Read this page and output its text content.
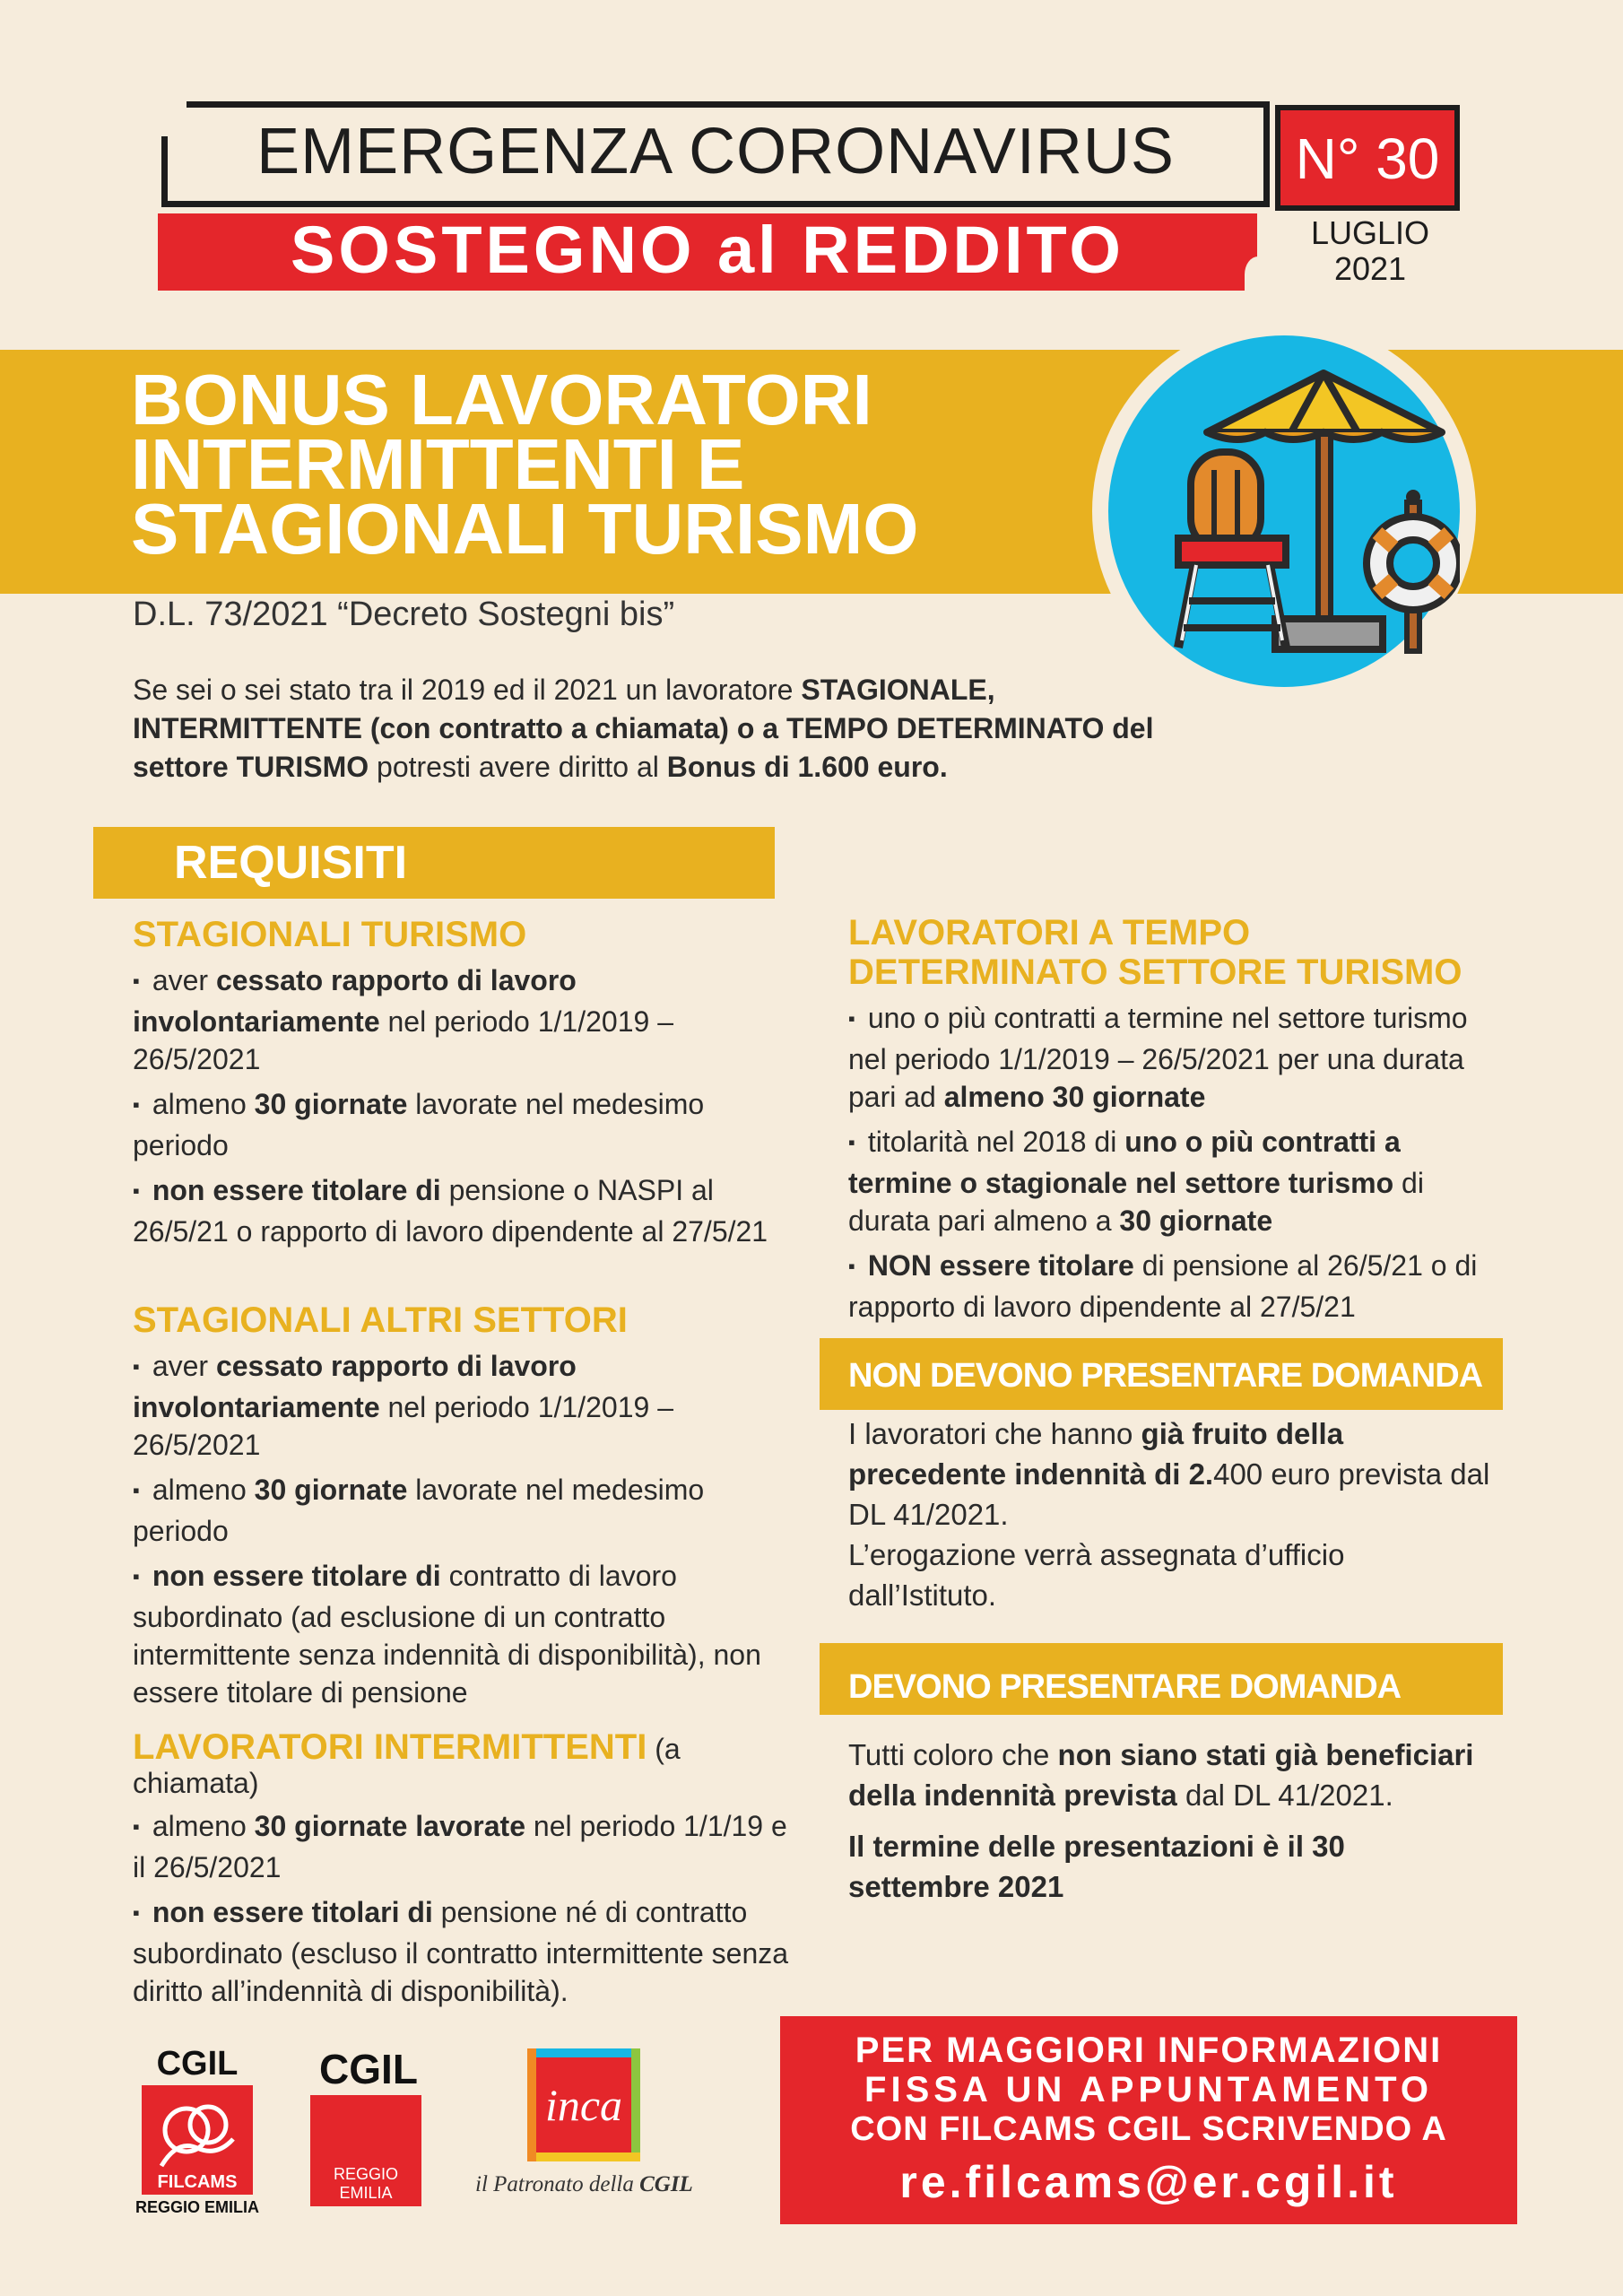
EMERGENZA CORONAVIRUS
SOSTEGNO al REDDITO
N° 30
LUGLIO
2021
BONUS LAVORATORI
INTERMITTENTI E
STAGIONALI TURISMO
D.L. 73/2021 “Decreto Sostegni bis”
Se sei o sei stato tra il 2019 ed il 2021 un lavoratore STAGIONALE, INTERMITTENTE (con contratto a chiamata) o a TEMPO DETERMINATO del settore TURISMO potresti avere diritto al Bonus di 1.600 euro.
REQUISITI
STAGIONALI TURISMO

▪ aver cessato rapporto di lavoro involontariamente nel periodo 1/1/2019 – 26/5/2021

▪ almeno 30 giornate lavorate nel medesimo periodo

▪ non essere titolare di pensione o NASPI al 26/5/21 o rapporto di lavoro dipendente al 27/5/21

STAGIONALI ALTRI SETTORI

▪ aver cessato rapporto di lavoro involontariamente nel periodo 1/1/2019 – 26/5/2021

▪ almeno 30 giornate lavorate nel medesimo periodo

▪ non essere titolare di contratto di lavoro subordinato (ad esclusione di un contratto intermittente senza indennità di disponibilità), non essere titolare di pensione

LAVORATORI INTERMITTENTI (a chiamata)

▪ almeno 30 giornate lavorate nel periodo 1/1/19 e il 26/5/2021

▪ non essere titolari di pensione né di contratto subordinato (escluso il contratto intermittente senza diritto all’indennità di disponibilità).

LAVORATORI A TEMPO
DETERMINATO SETTORE TURISMO

▪ uno o più contratti a termine nel settore turismo nel periodo 1/1/2019 – 26/5/2021 per una durata pari ad almeno 30 giornate

▪ titolarità nel 2018 di uno o più contratti a termine o stagionale nel settore turismo di durata pari almeno a 30 giornate

▪ NON essere titolare di pensione al 26/5/21 o di rapporto di lavoro dipendente al 27/5/21

NON DEVONO PRESENTARE DOMANDA
I lavoratori che hanno già fruito della precedente indennità di 2.400 euro prevista dal DL 41/2021.
L’erogazione verrà assegnata d’ufficio dall’Istituto.
DEVONO PRESENTARE DOMANDA
Tutti coloro che non siano stati già beneficiari della indennità prevista dal DL 41/2021.
Il termine delle presentazioni è il 30 settembre 2021
CGIL
FILCAMS
REGGIO EMILIA
CGIL
REGGIO EMILIA
inca
il Patronato della CGIL
PER MAGGIORI INFORMAZIONI
FISSA UN APPUNTAMENTO
CON FILCAMS CGIL SCRIVENDO A
re.filcams@er.cgil.it
